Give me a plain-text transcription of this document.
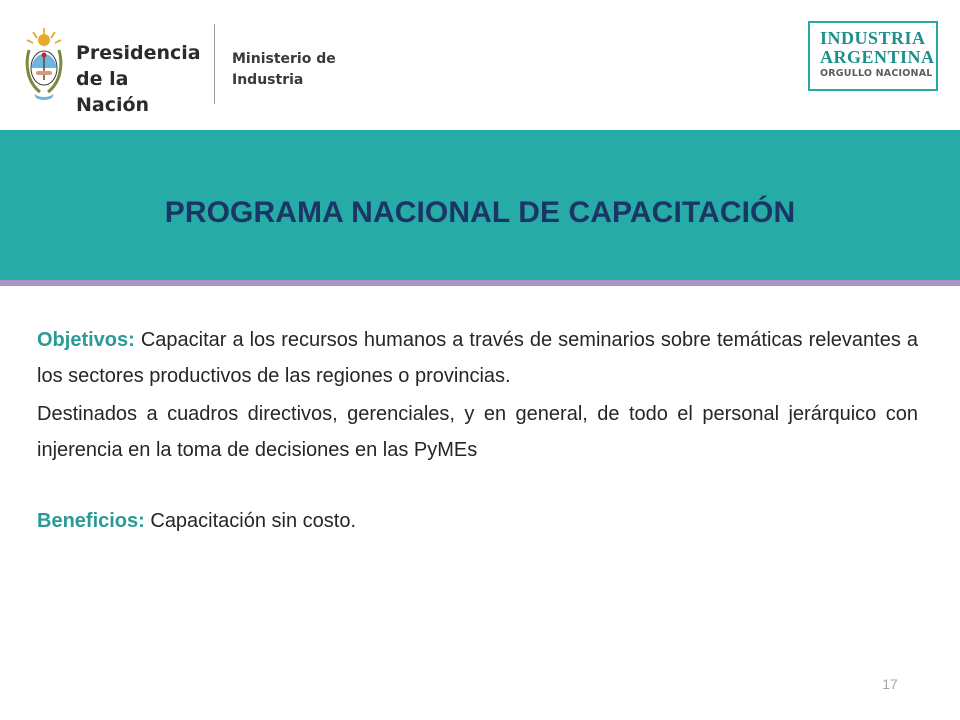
Presidencia
de la Nación
Ministerio de
Industria
INDUSTRIA
ARGENTINA
ORGULLO NACIONAL
PROGRAMA NACIONAL DE CAPACITACIÓN

Objetivos: Capacitar a los recursos humanos a través de seminarios sobre temáticas relevantes a los sectores productivos de las regiones o provincias.

Destinados a cuadros directivos, gerenciales, y en general, de todo el personal jerárquico con injerencia en la toma de decisiones en las PyMEs

Beneficios: Capacitación sin costo.

17
